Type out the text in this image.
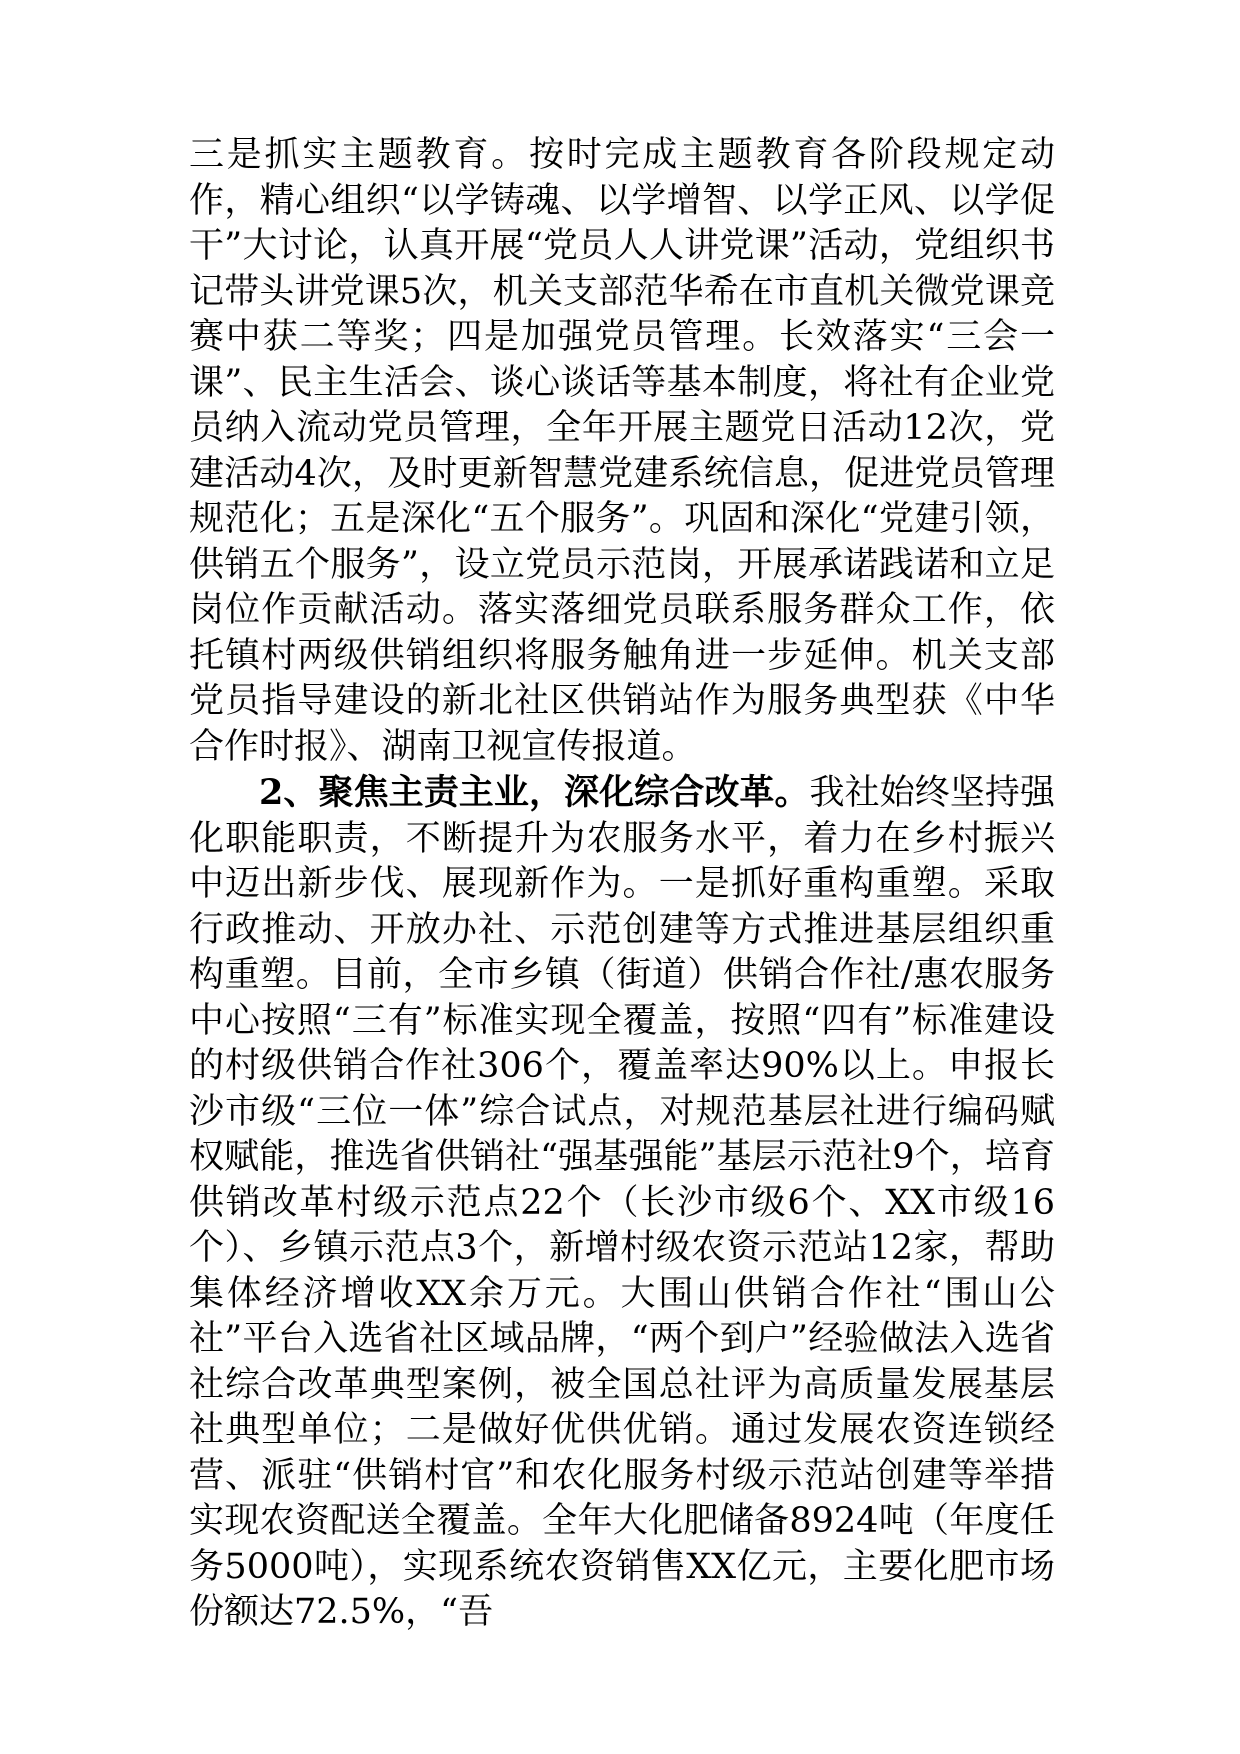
三是抓实主题教育。按时完成主题教育各阶段规定动作，精心组织“以学铸魂、以学增智、以学正风、以学促干”大讨论，认真开展“党员人人讲党课”活动，党组织书记带头讲党课5次，机关支部范华希在市直机关微党课竞赛中获二等奖；四是加强党员管理。长效落实“三会一课”、民主生活会、谈心谈话等基本制度，将社有企业党员纳入流动党员管理，全年开展主题党日活动12次，党建活动4次，及时更新智慧党建系统信息，促进党员管理规范化；五是深化“五个服务”。巩固和深化“党建引领，供销五个服务”，设立党员示范岗，开展承诺践诺和立足岗位作贡献活动。落实落细党员联系服务群众工作，依托镇村两级供销组织将服务触角进一步延伸。机关支部党员指导建设的新北社区供销站作为服务典型获《中华合作时报》、湖南卫视宣传报道。

2、聚焦主责主业，深化综合改革。我社始终坚持强化职能职责，不断提升为农服务水平，着力在乡村振兴中迈出新步伐、展现新作为。一是抓好重构重塑。采取行政推动、开放办社、示范创建等方式推进基层组织重构重塑。目前，全市乡镇（街道）供销合作社/惠农服务中心按照“三有”标准实现全覆盖，按照“四有”标准建设的村级供销合作社306个，覆盖率达90%以上。申报长沙市级“三位一体”综合试点，对规范基层社进行编码赋权赋能，推选省供销社“强基强能”基层示范社9个，培育供销改革村级示范点22个（长沙市级6个、XX市级16个）、乡镇示范点3个，新增村级农资示范站12家，帮助集体经济增收XX余万元。大围山供销合作社“围山公社”平台入选省社区域品牌，“两个到户”经验做法入选省社综合改革典型案例，被全国总社评为高质量发展基层社典型单位；二是做好优供优销。通过发展农资连锁经营、派驻“供销村官”和农化服务村级示范站创建等举措实现农资配送全覆盖。全年大化肥储备8924吨（年度任务5000吨），实现系统农资销售XX亿元，主要化肥市场份额达72.5%，“吾
